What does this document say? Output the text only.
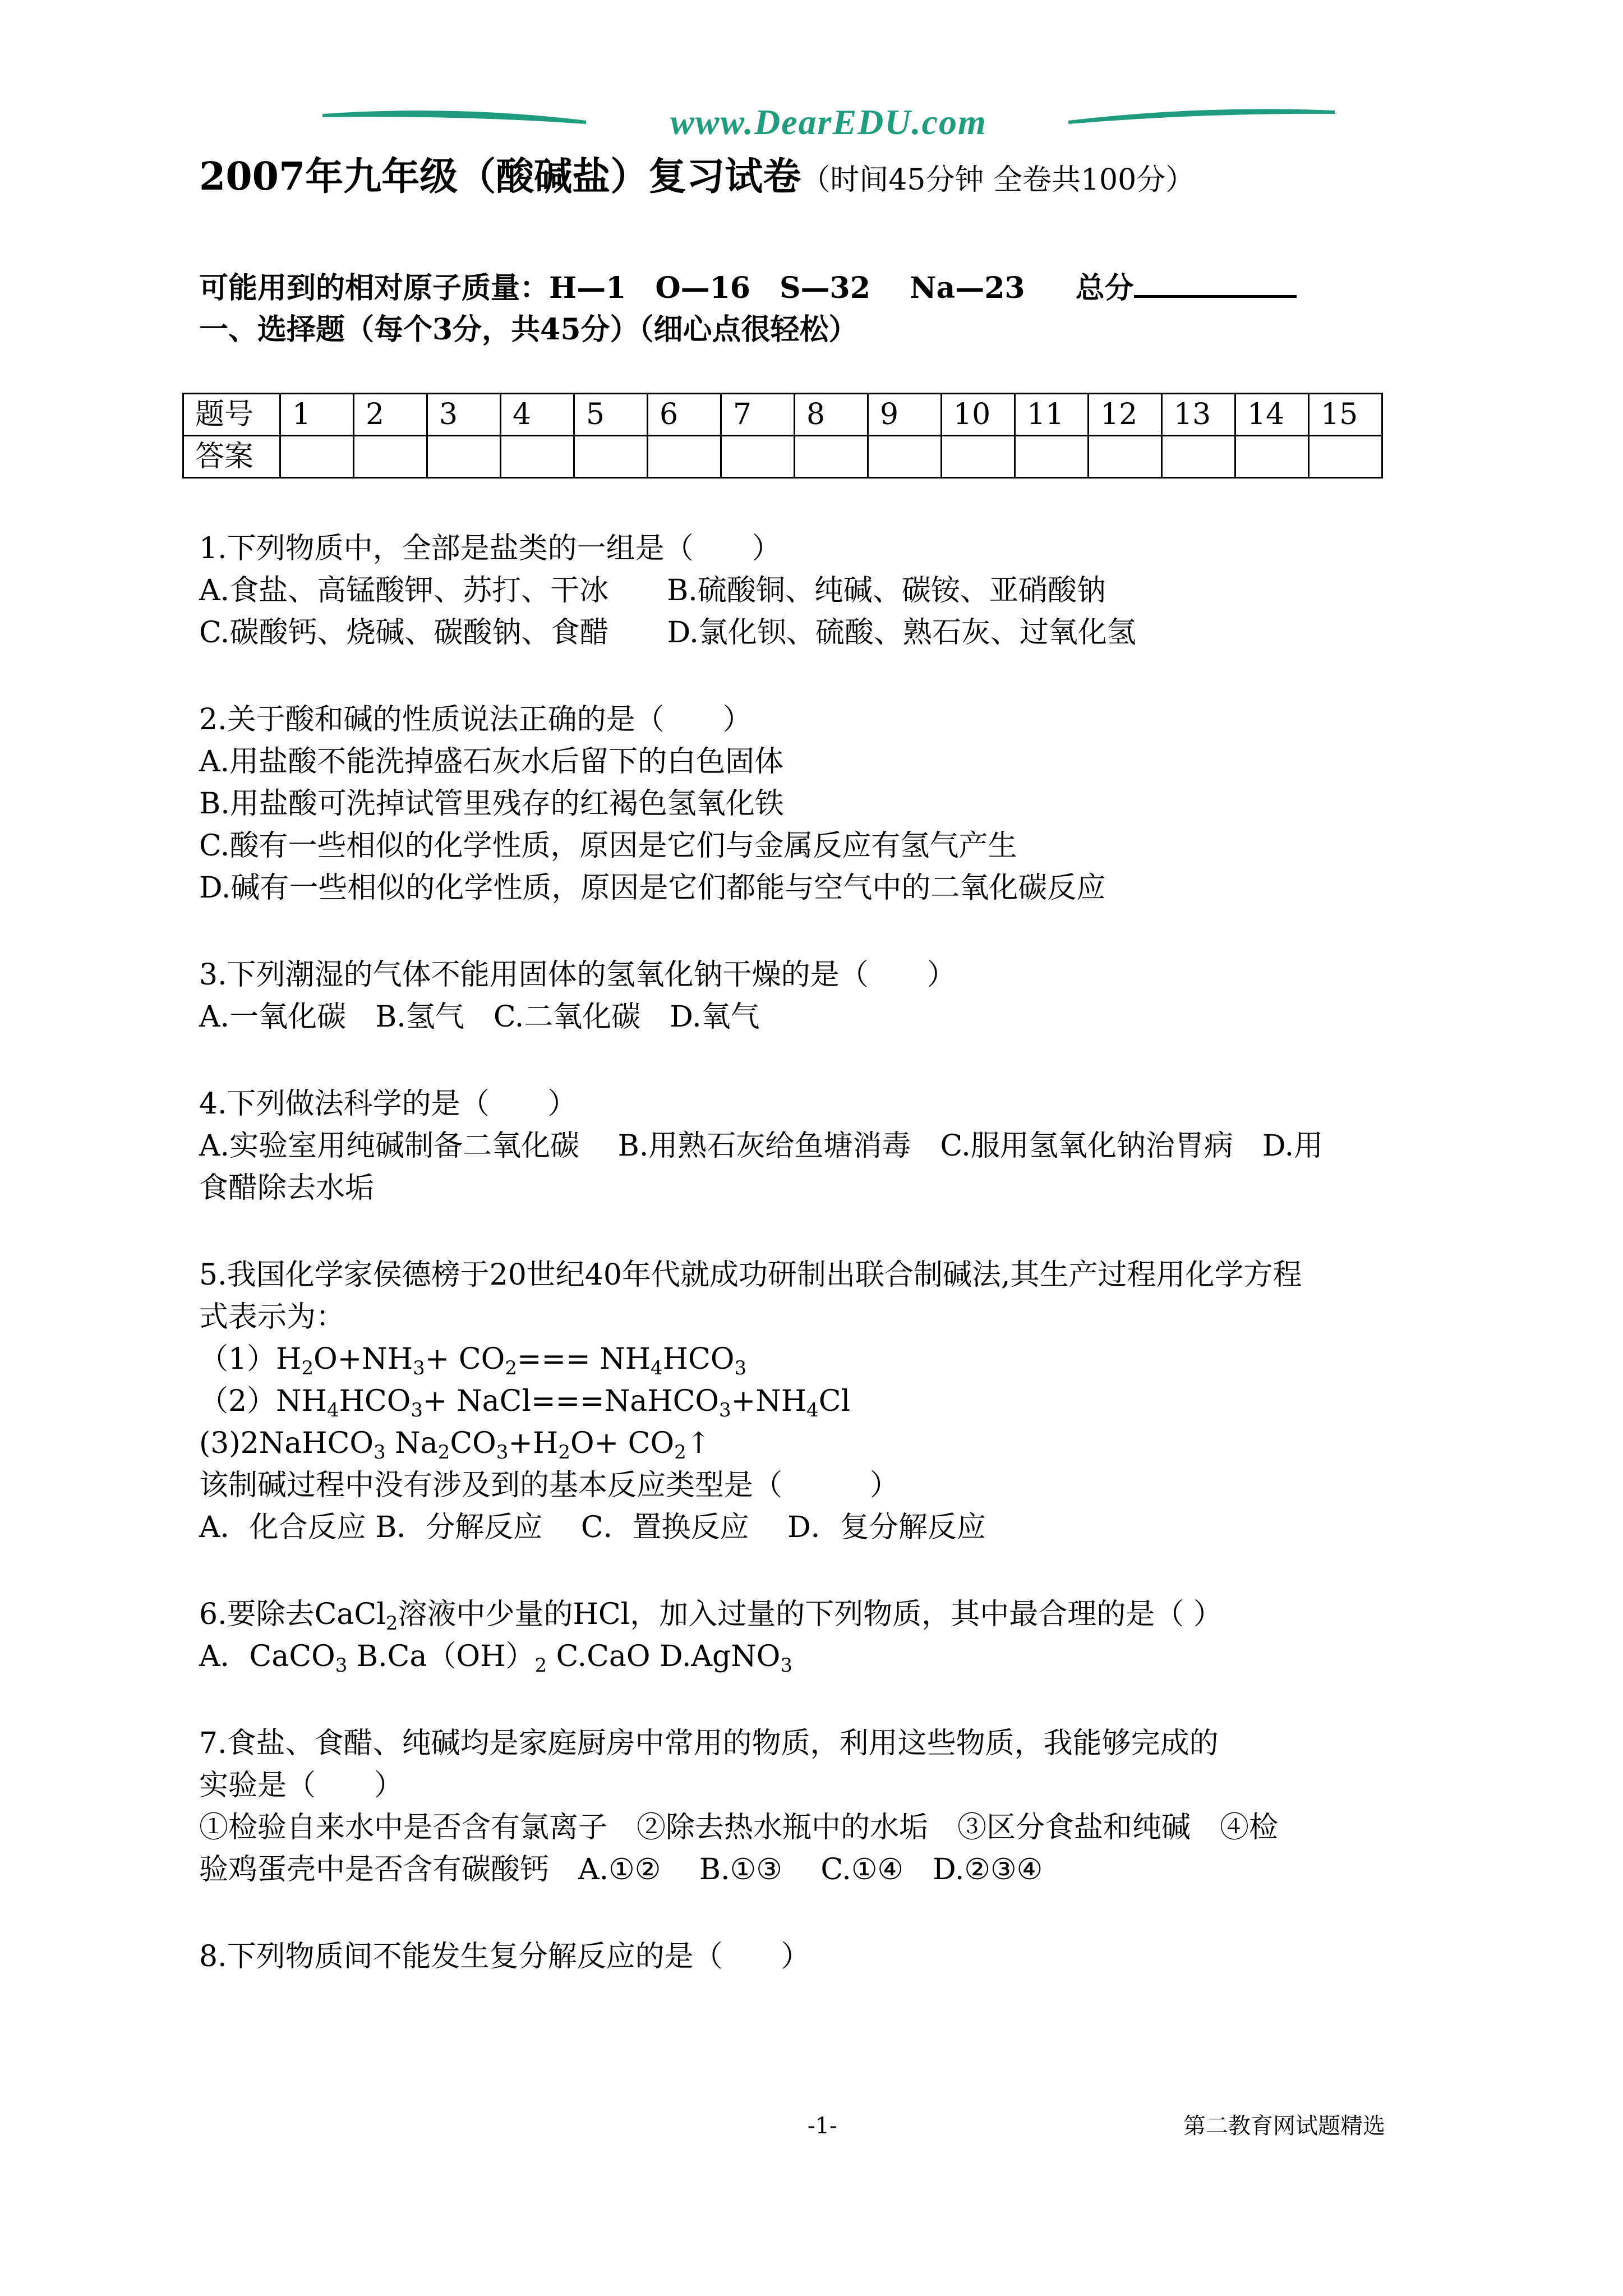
www.DearEDU.com
2007年九年级（酸碱盐）复习试卷（时间45分钟 全卷共100分）
可能用到的相对原子质量：H—1　O—16　S—32　 Na—23 总分
一、选择题（每个3分，共45分）（细心点很轻松）
题号	1	2	3	4	5	6	7	8	9	10	11	12	13	14	15
答案															
1.下列物质中，全部是盐类的一组是（　　）
A.食盐、高锰酸钾、苏打、干冰　　B.硫酸铜、纯碱、碳铵、亚硝酸钠
C.碳酸钙、烧碱、碳酸钠、食醋　　D.氯化钡、硫酸、熟石灰、过氧化氢
2.关于酸和碱的性质说法正确的是（　　）
A.用盐酸不能洗掉盛石灰水后留下的白色固体
B.用盐酸可洗掉试管里残存的红褐色氢氧化铁
C.酸有一些相似的化学性质，原因是它们与金属反应有氢气产生
D.碱有一些相似的化学性质，原因是它们都能与空气中的二氧化碳反应
3.下列潮湿的气体不能用固体的氢氧化钠干燥的是（　　）
A.一氧化碳　B.氢气　C.二氧化碳　D.氧气
4.下列做法科学的是（　　）
A.实验室用纯碱制备二氧化碳　 B.用熟石灰给鱼塘消毒　C.服用氢氧化钠治胃病　D.用
食醋除去水垢
5.我国化学家侯德榜于20世纪40年代就成功研制出联合制碱法,其生产过程用化学方程
式表示为：
$(1)H_2O+NH_3+ CO_2=== NH_4HCO_3$
$(2)NH_4HCO_3+$ $NaCl===NaHCO_3+NH_4Cl$
(3)2NaHCO$_3$ $Na_2CO_3+H_2O+$ $CO_2↑$
该制碱过程中没有涉及到的基本反应类型是（　　　）
A．化合反应 B．分解反应　 C．置换反应　 D．复分解反应
6.要除去CaCl$_2$溶液中少量的HCl，加入过量的下列物质，其中最合理的是（ ）
A．CaCO$_3$ $B.Ca(OH)_2$ C.CaO D.AgNO$_3$
7.食盐、食醋、纯碱均是家庭厨房中常用的物质，利用这些物质，我能够完成的
实验是（　　）
①检验自来水中是否含有氯离子　②除去热水瓶中的水垢　③区分食盐和纯碱　④检
验鸡蛋壳中是否含有碳酸钙　A.①②　 B.①③　 C.①④　D.②③④
8.下列物质间不能发生复分解反应的是（　　）
-1-	第二教育网试题精选
